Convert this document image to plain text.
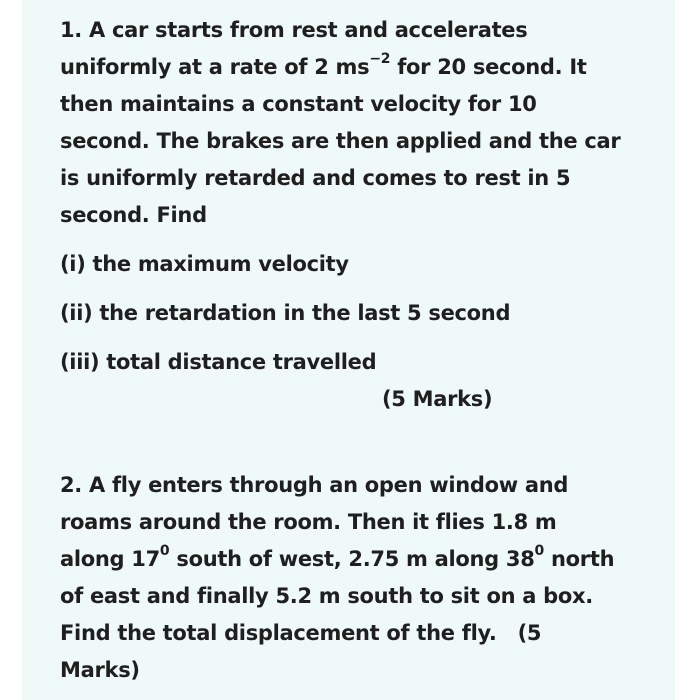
1. A car starts from rest and accelerates
uniformly at a rate of 2 $ms^{-2}$ for 20 second. It
then maintains a constant velocity for 10
second. The brakes are then applied and the car
is uniformly retarded and comes to rest in 5
second. Find
(i) the maximum velocity
(ii) the retardation in the last 5 second
(iii) total distance travelled
(5 Marks)
2. A fly enters through an open window and
roams around the room. Then it flies 1.8 m
along $17^0$ south of west, 2.75 m along $38^0$ north
of east and finally 5.2 m south to sit on a box.
Find the total displacement of the fly.   (5
Marks)
